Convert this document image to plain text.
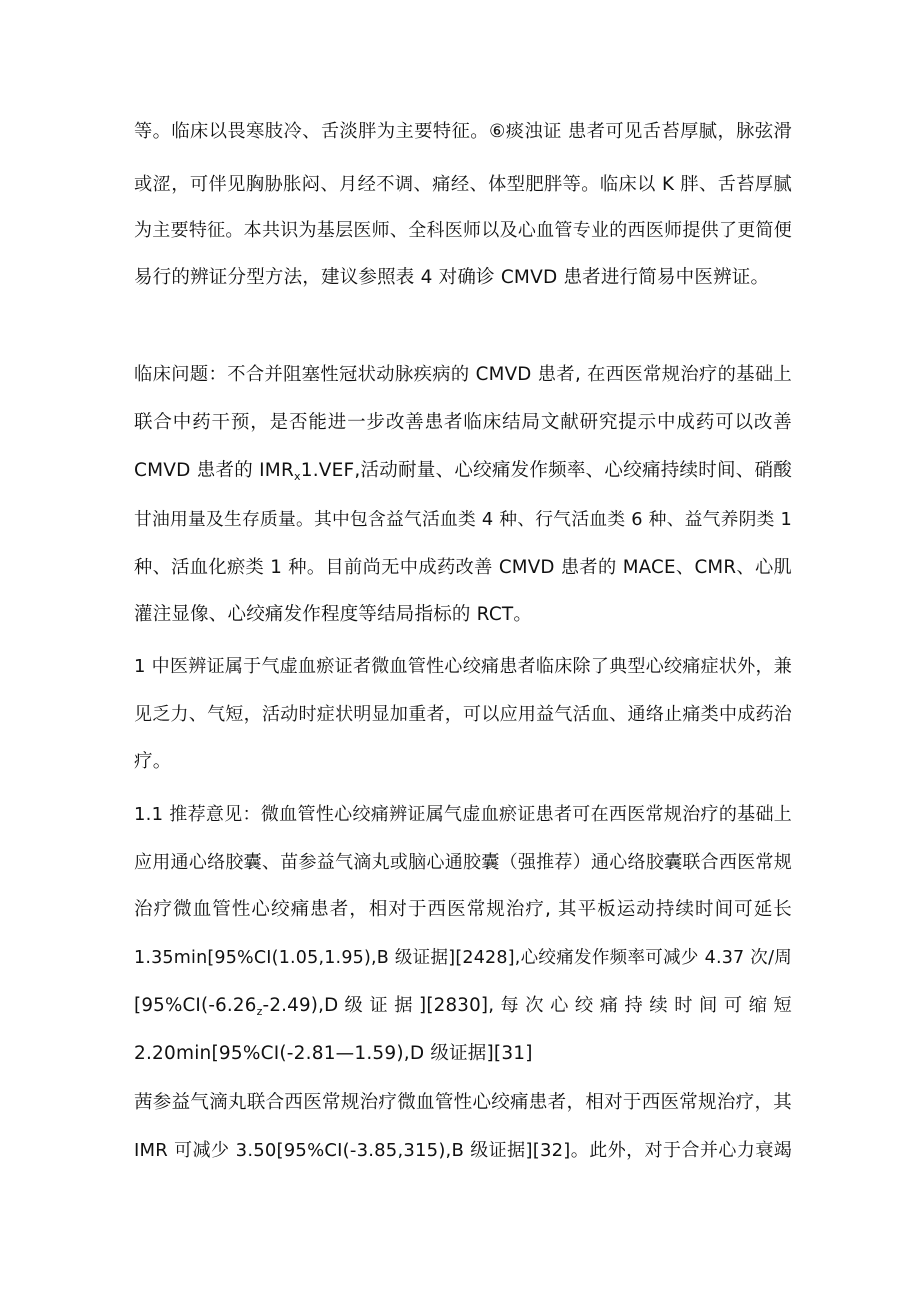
等。临床以畏寒肢冷、舌淡胖为主要特征。⑥痰浊证 患者可见舌苔厚腻，脉弦滑
或涩，可伴见胸胁胀闷、月经不调、痛经、体型肥胖等。临床以 K 胖、舌苔厚腻
为主要特征。本共识为基层医师、全科医师以及心血管专业的西医师提供了更简便
易行的辨证分型方法，建议参照表 4 对确诊 CMVD 患者进行简易中医辨证。
临床问题：不合并阻塞性冠状动脉疾病的 CMVD 患者, 在西医常规治疗的基础上
联合中药干预，是否能进一步改善患者临床结局文献研究提示中成药可以改善
CMVD 患者的 $IMR_x1.VEF$,活动耐量、心绞痛发作频率、心绞痛持续时间、硝酸
甘油用量及生存质量。其中包含益气活血类 4 种、行气活血类 6 种、益气养阴类 1
种、活血化瘀类 1 种。目前尚无中成药改善 CMVD 患者的 MACE、CMR、心肌
灌注显像、心绞痛发作程度等结局指标的 RCT。
1 中医辨证属于气虚血瘀证者微血管性心绞痛患者临床除了典型心绞痛症状外，兼
见乏力、气短，活动时症状明显加重者，可以应用益气活血、通络止痛类中成药治
疗。
1.1 推荐意见：微血管性心绞痛辨证属气虚血瘀证患者可在西医常规治疗的基础上
应用通心络胶囊、苗参益气滴丸或脑心通胶囊（强推荐）通心络胶囊联合西医常规
治疗微血管性心绞痛患者，相对于西医常规治疗, 其平板运动持续时间可延长
1.35min[95%CI(1.05,1.95),B 级证据][2428],心绞痛发作频率可减少 4.37 次/周
[$95\%CI(-6.26_z-2.49),D$ 级 证 据 ][2830], 每 次 心 绞 痛 持 续 时 间 可 缩 短
2.20min[95%CI(-2.81—1.59),D 级证据][31]
茜参益气滴丸联合西医常规治疗微血管性心绞痛患者，相对于西医常规治疗，其
IMR 可减少 3.50[95%CI(-3.85,315),B 级证据][32]。此外，对于合并心力衰竭
